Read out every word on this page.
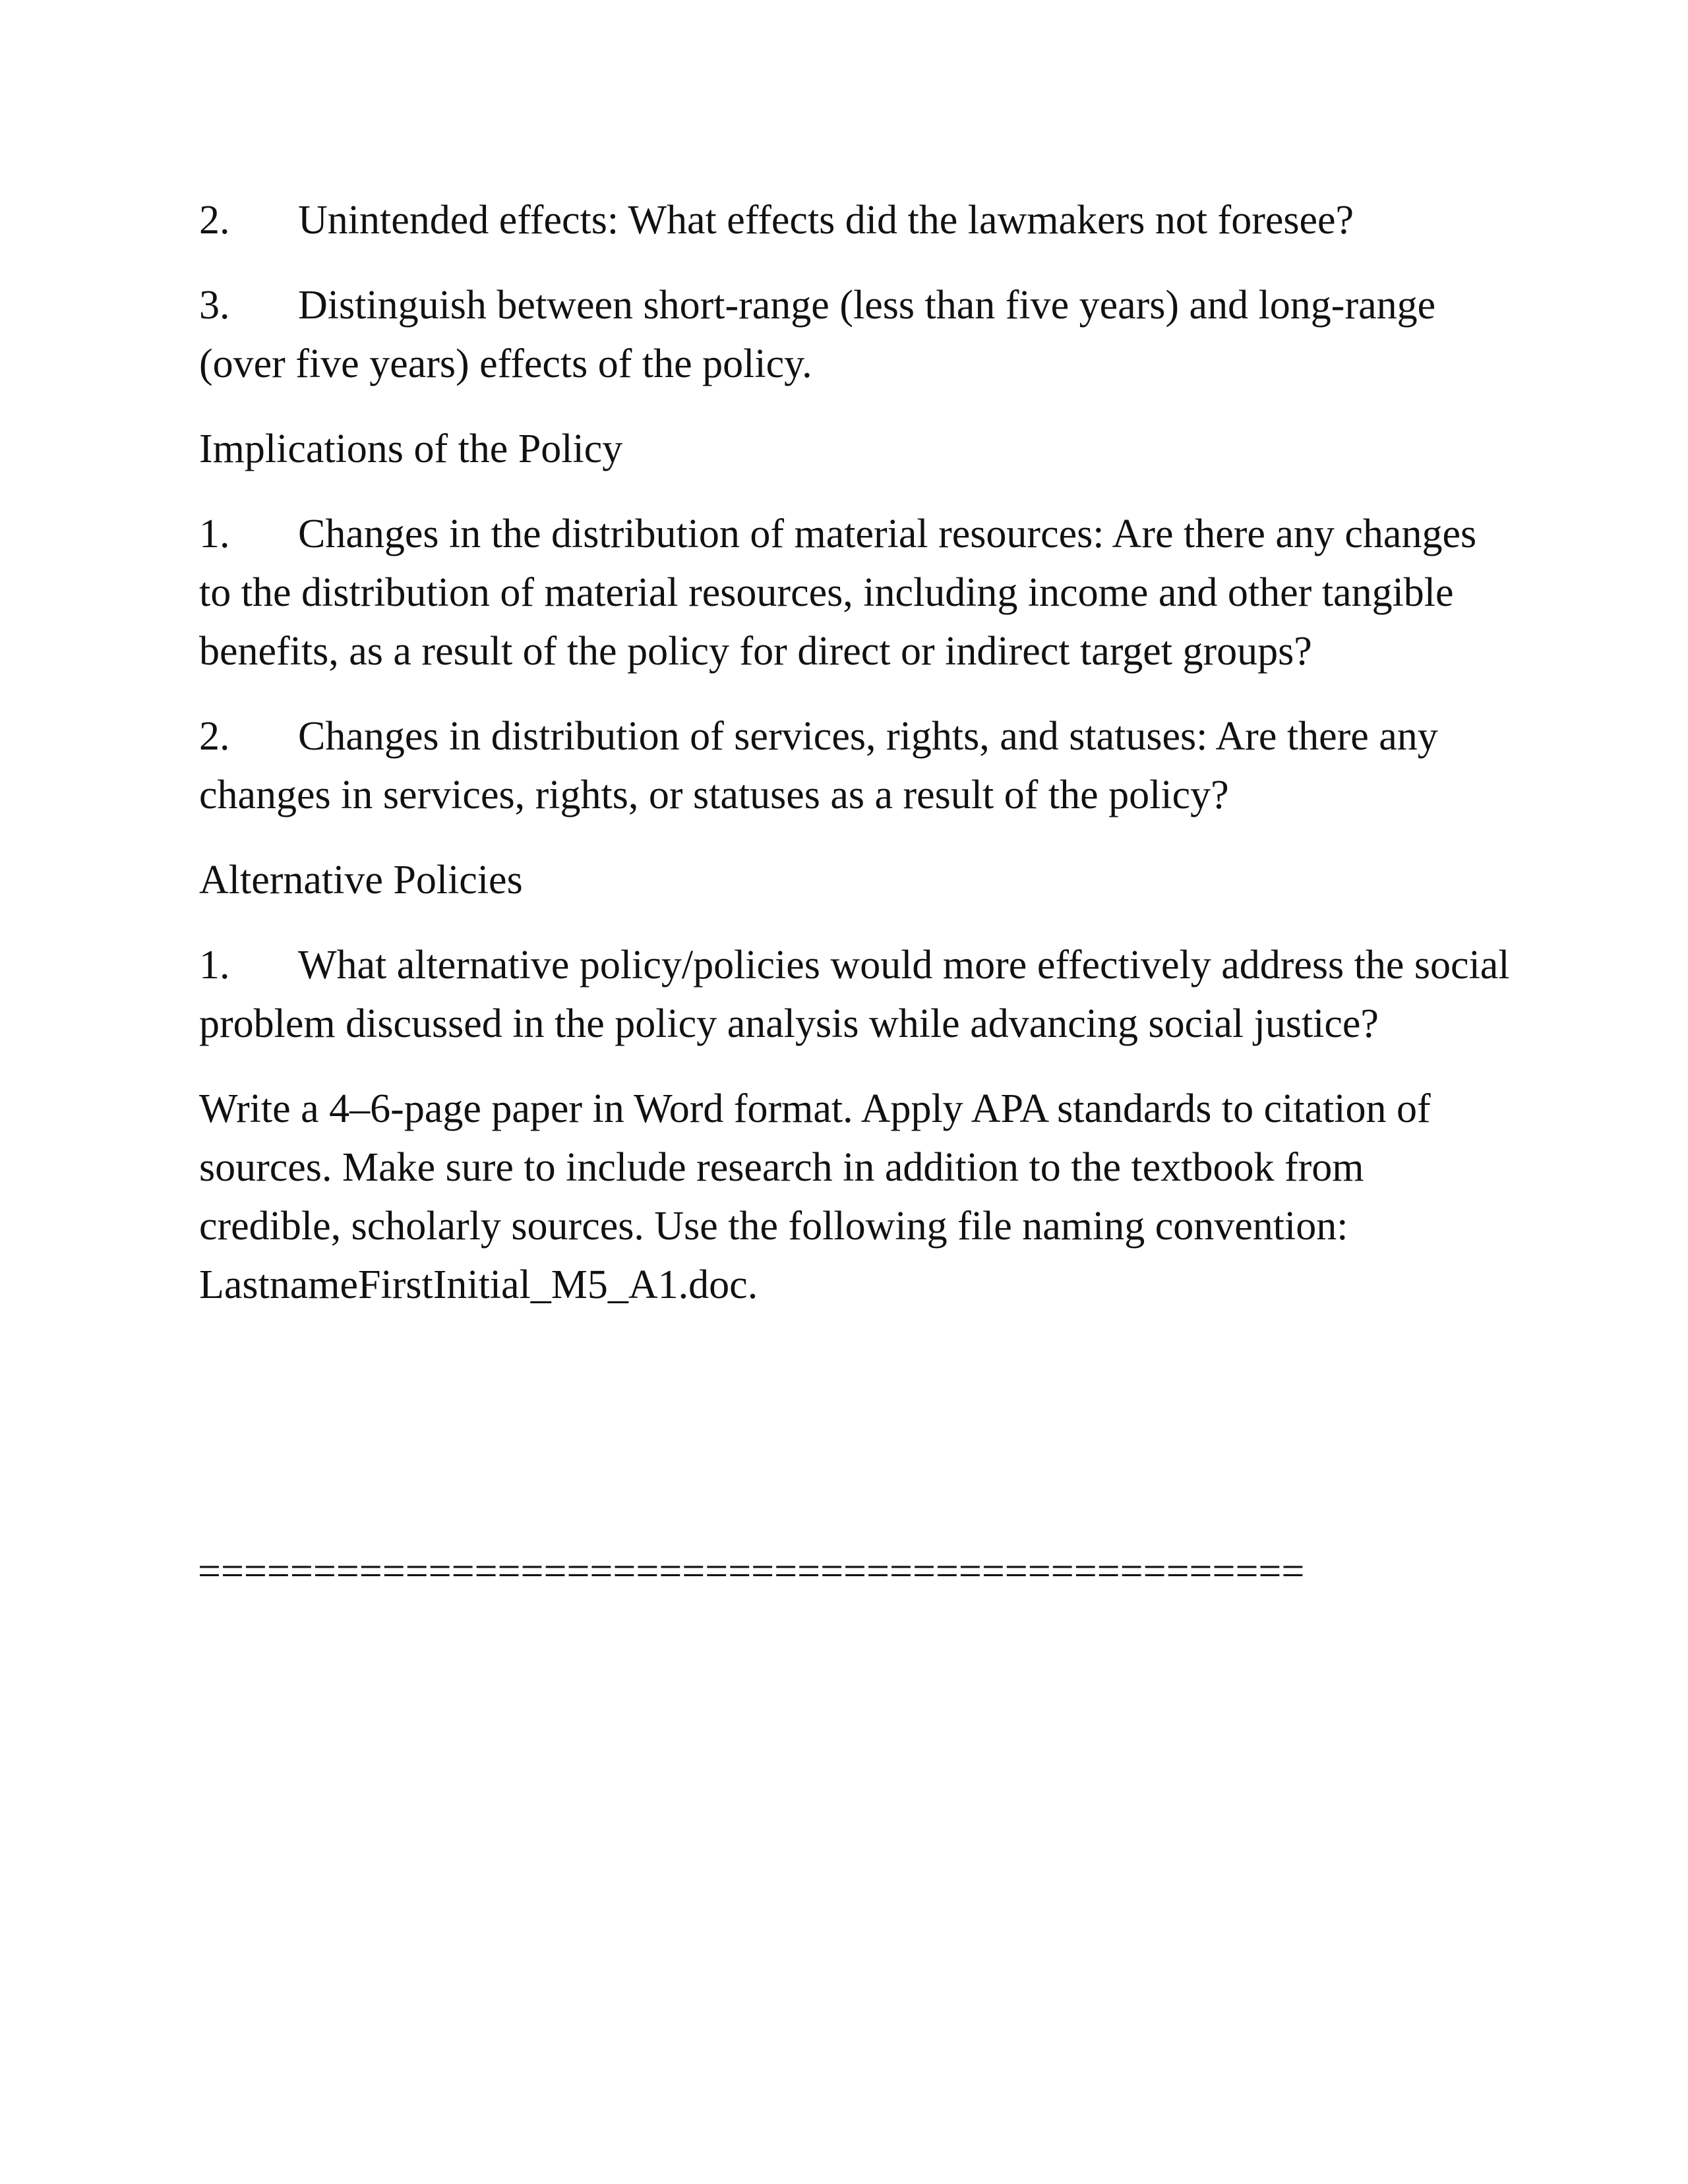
2. Unintended effects: What effects did the lawmakers not foresee?

3. Distinguish between short-range (less than five years) and long-range (over five years) effects of the policy.

Implications of the Policy

1. Changes in the distribution of material resources: Are there any changes to the distribution of material resources, including income and other tangible benefits, as a result of the policy for direct or indirect target groups?

2. Changes in distribution of services, rights, and statuses: Are there any changes in services, rights, or statuses as a result of the policy?

Alternative Policies

1. What alternative policy/policies would more effectively address the social problem discussed in the policy analysis while advancing social justice?

Write a 4–6-page paper in Word format. Apply APA standards to citation of sources. Make sure to include research in addition to the textbook from credible, scholarly sources. Use the following file naming convention: LastnameFirstInitial_M5_A1.doc.

================================================
